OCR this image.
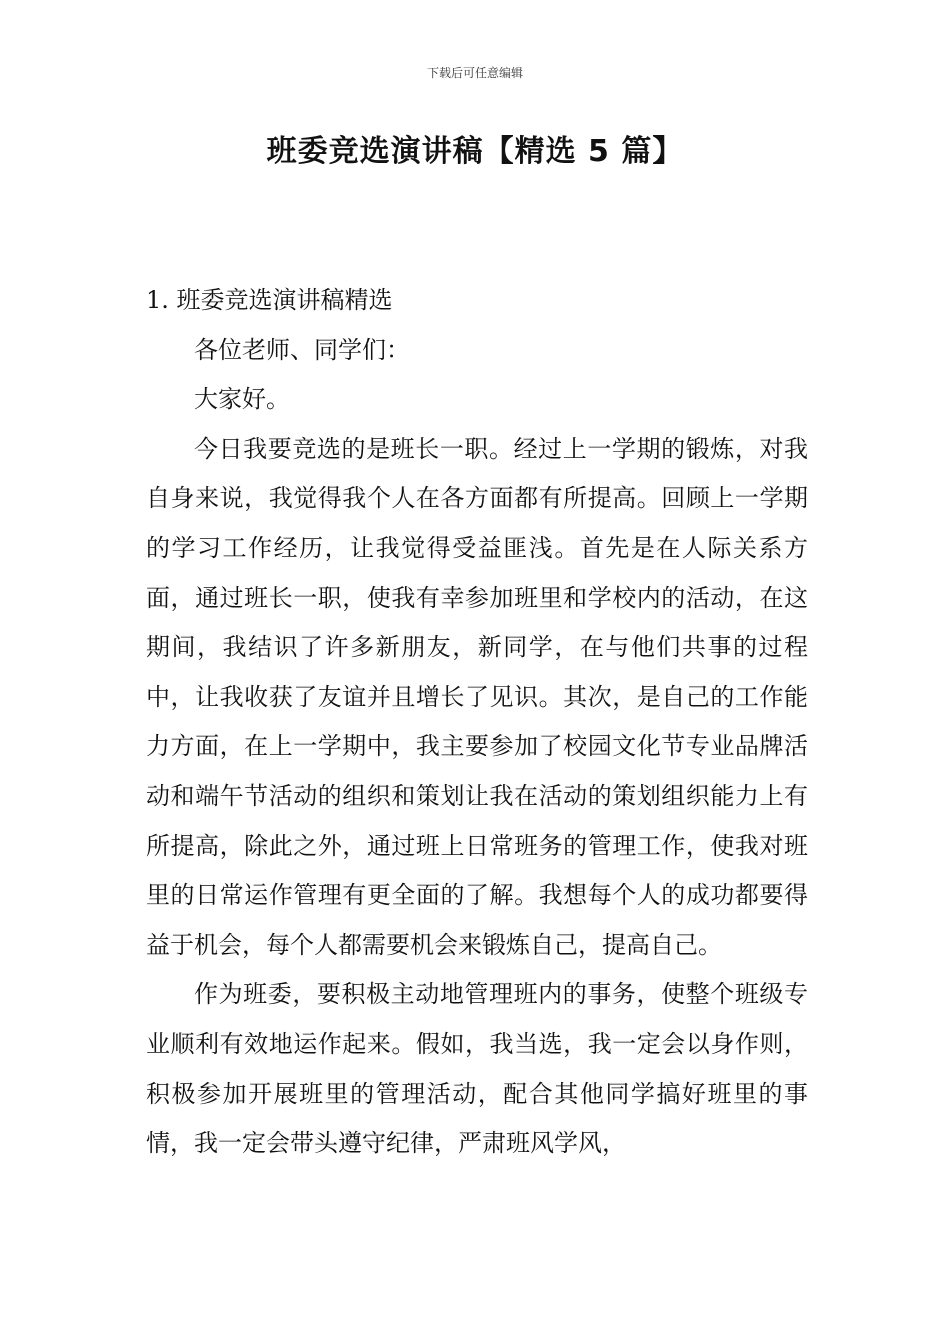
下载后可任意编辑
班委竞选演讲稿【精选 5 篇】

1. 班委竞选演讲稿精选

各位老师、同学们：

大家好。

今日我要竞选的是班长一职。经过上一学期的锻炼，对我自身来说，我觉得我个人在各方面都有所提高。回顾上一学期的学习工作经历，让我觉得受益匪浅。首先是在人际关系方面，通过班长一职，使我有幸参加班里和学校内的活动，在这期间，我结识了许多新朋友，新同学，在与他们共事的过程中，让我收获了友谊并且增长了见识。其次，是自己的工作能力方面，在上一学期中，我主要参加了校园文化节专业品牌活动和端午节活动的组织和策划让我在活动的策划组织能力上有所提高，除此之外，通过班上日常班务的管理工作，使我对班里的日常运作管理有更全面的了解。我想每个人的成功都要得益于机会，每个人都需要机会来锻炼自己，提高自己。

作为班委，要积极主动地管理班内的事务，使整个班级专业顺利有效地运作起来。假如，我当选，我一定会以身作则，积极参加开展班里的管理活动，配合其他同学搞好班里的事情，我一定会带头遵守纪律，严肃班风学风，
